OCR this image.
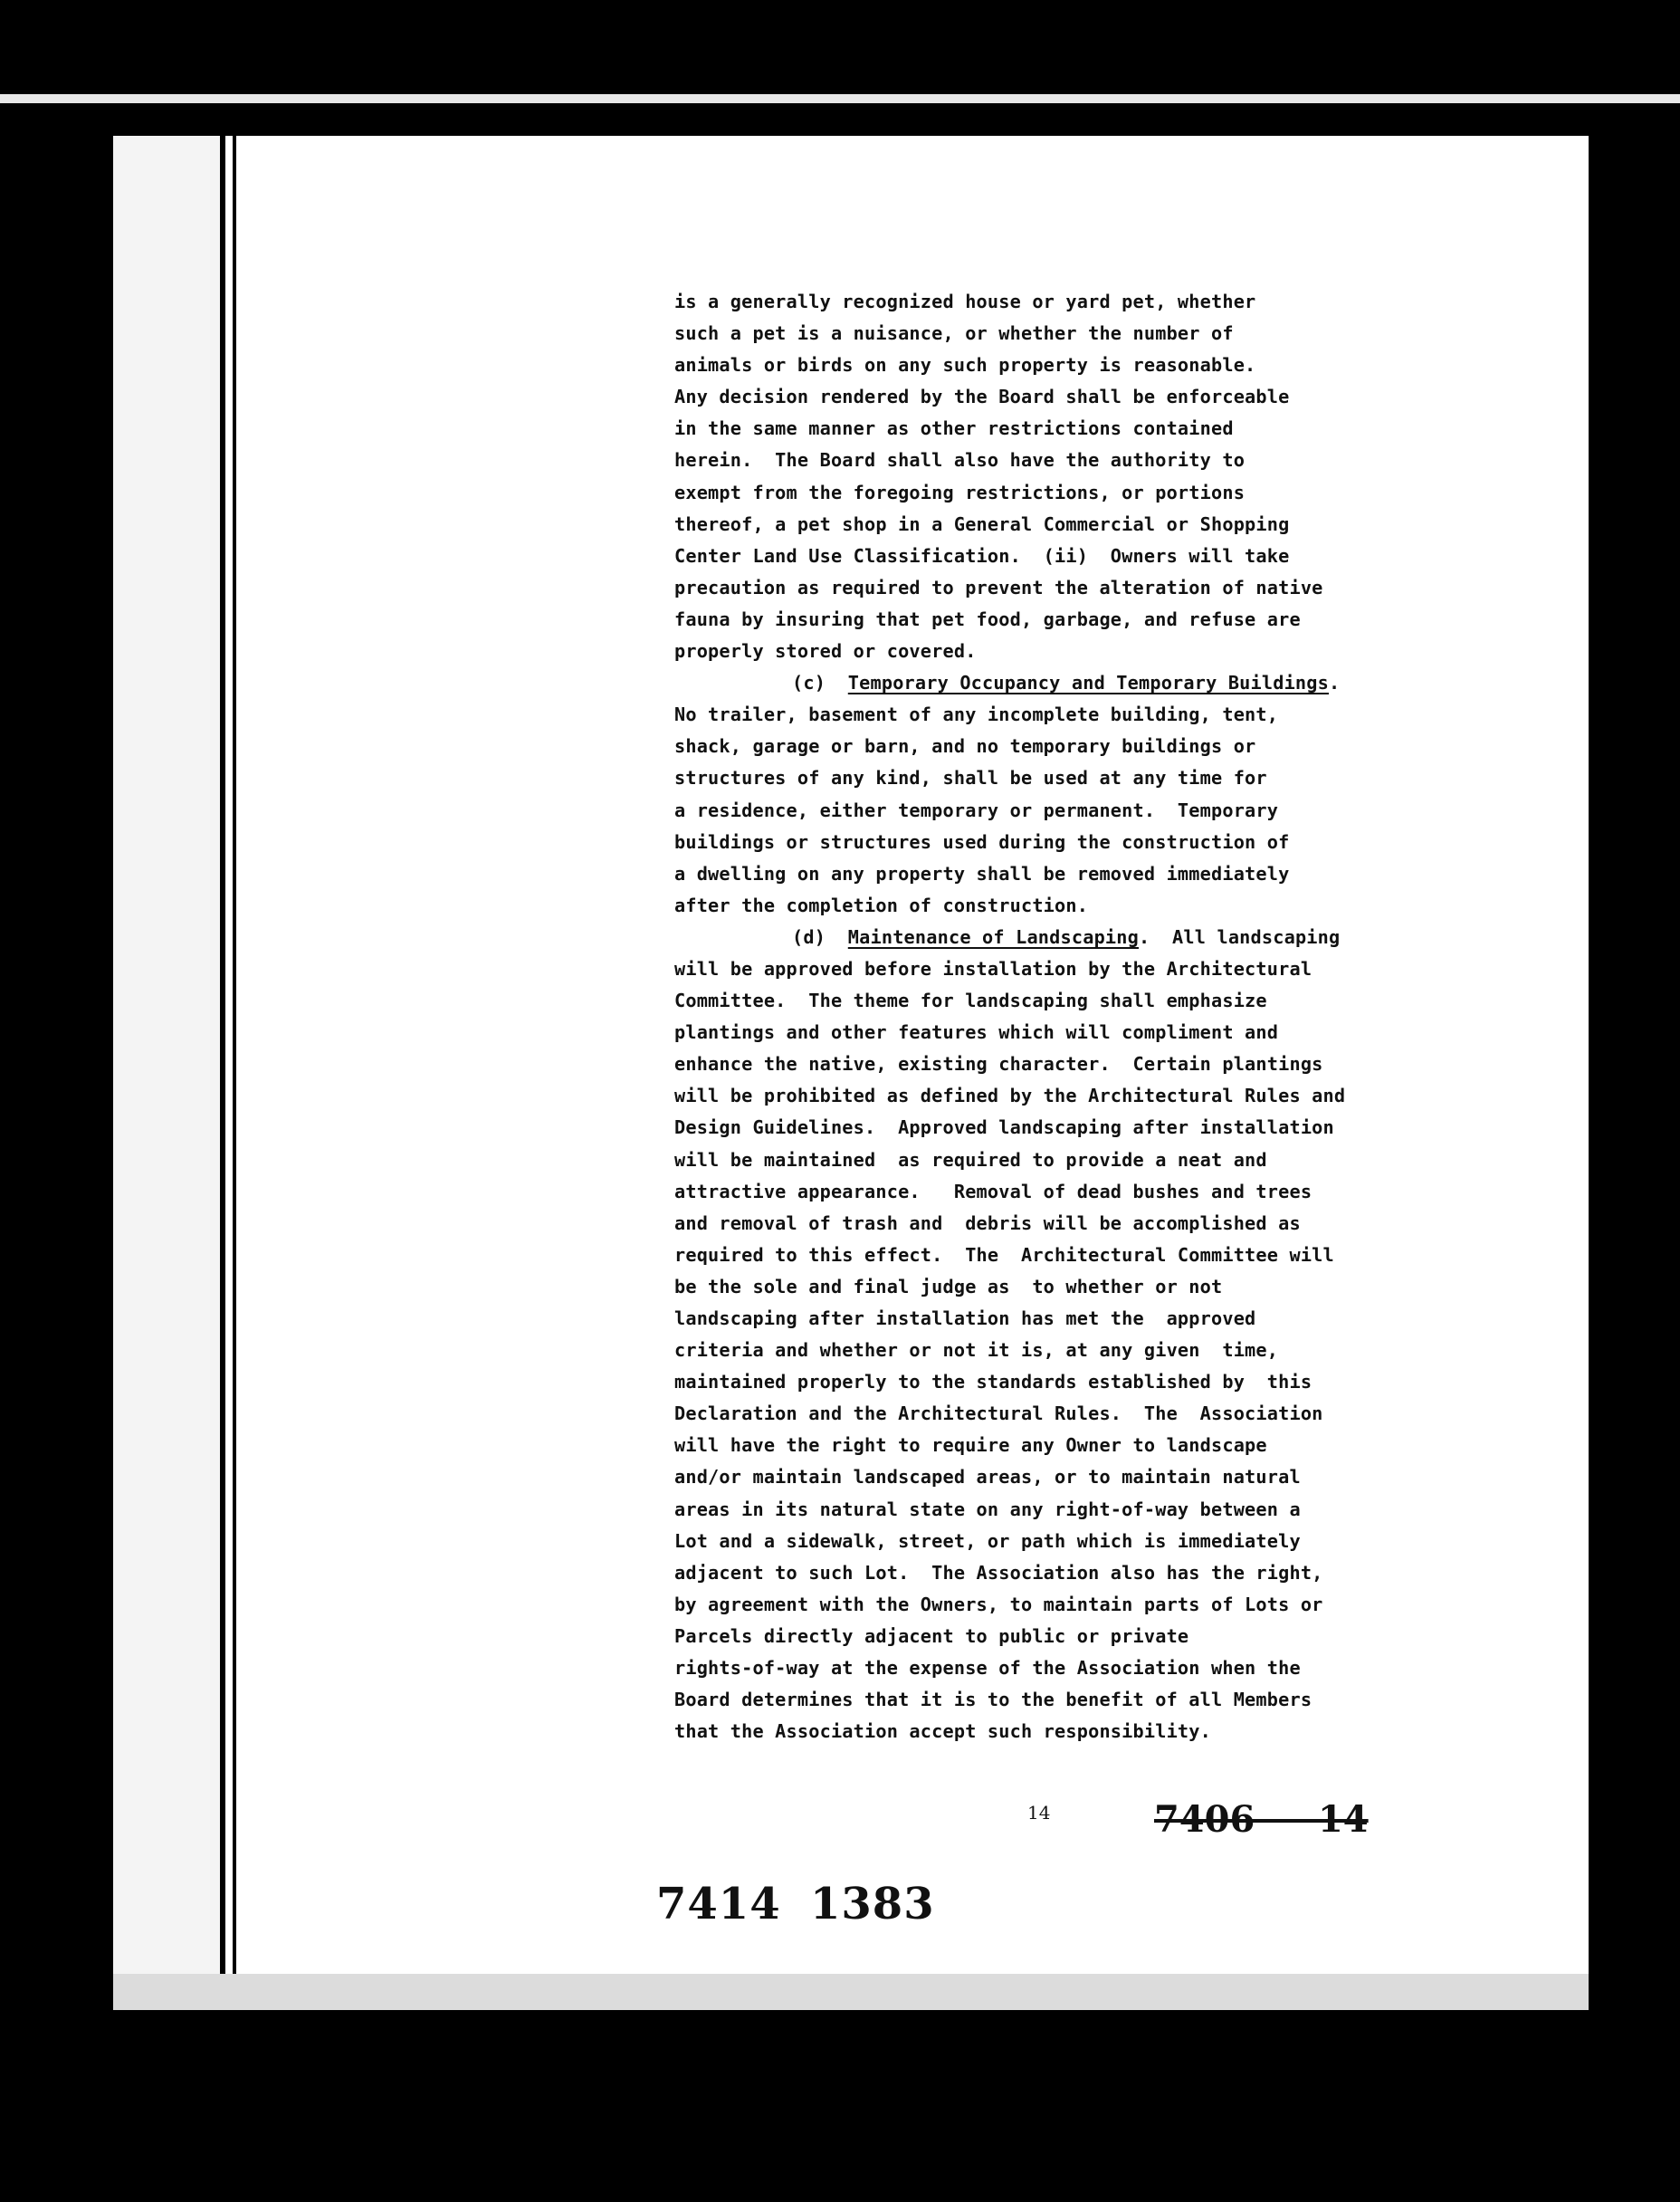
is a generally recognized house or yard pet, whether
such a pet is a nuisance, or whether the number of
animals or birds on any such property is reasonable.
Any decision rendered by the Board shall be enforceable
in the same manner as other restrictions contained
herein.  The Board shall also have the authority to
exempt from the foregoing restrictions, or portions
thereof, a pet shop in a General Commercial or Shopping
Center Land Use Classification.  (ii)  Owners will take
precaution as required to prevent the alteration of native
fauna by insuring that pet food, garbage, and refuse are
properly stored or covered.
(c) Temporary Occupancy and Temporary Buildings.
No trailer, basement of any incomplete building, tent,
shack, garage or barn, and no temporary buildings or
structures of any kind, shall be used at any time for
a residence, either temporary or permanent.  Temporary
buildings or structures used during the construction of
a dwelling on any property shall be removed immediately
after the completion of construction.
(d) Maintenance of Landscaping.  All landscaping
will be approved before installation by the Architectural
Committee.  The theme for landscaping shall emphasize
plantings and other features which will compliment and
enhance the native, existing character.  Certain plantings
will be prohibited as defined by the Architectural Rules and
Design Guidelines.  Approved landscaping after installation
will be maintained  as required to provide a neat and
attractive appearance.   Removal of dead bushes and trees
and removal of trash and  debris will be accomplished as
required to this effect.  The  Architectural Committee will
be the sole and final judge as  to whether or not
landscaping after installation has met the  approved
criteria and whether or not it is, at any given  time,
maintained properly to the standards established by  this
Declaration and the Architectural Rules.  The  Association
will have the right to require any Owner to landscape
and/or maintain landscaped areas, or to maintain natural
areas in its natural state on any right-of-way between a
Lot and a sidewalk, street, or path which is immediately
adjacent to such Lot.  The Association also has the right,
by agreement with the Owners, to maintain parts of Lots or
Parcels directly adjacent to public or private
rights-of-way at the expense of the Association when the
Board determines that it is to the benefit of all Members
that the Association accept such responsibility.
14	7406     14
7414 1383
